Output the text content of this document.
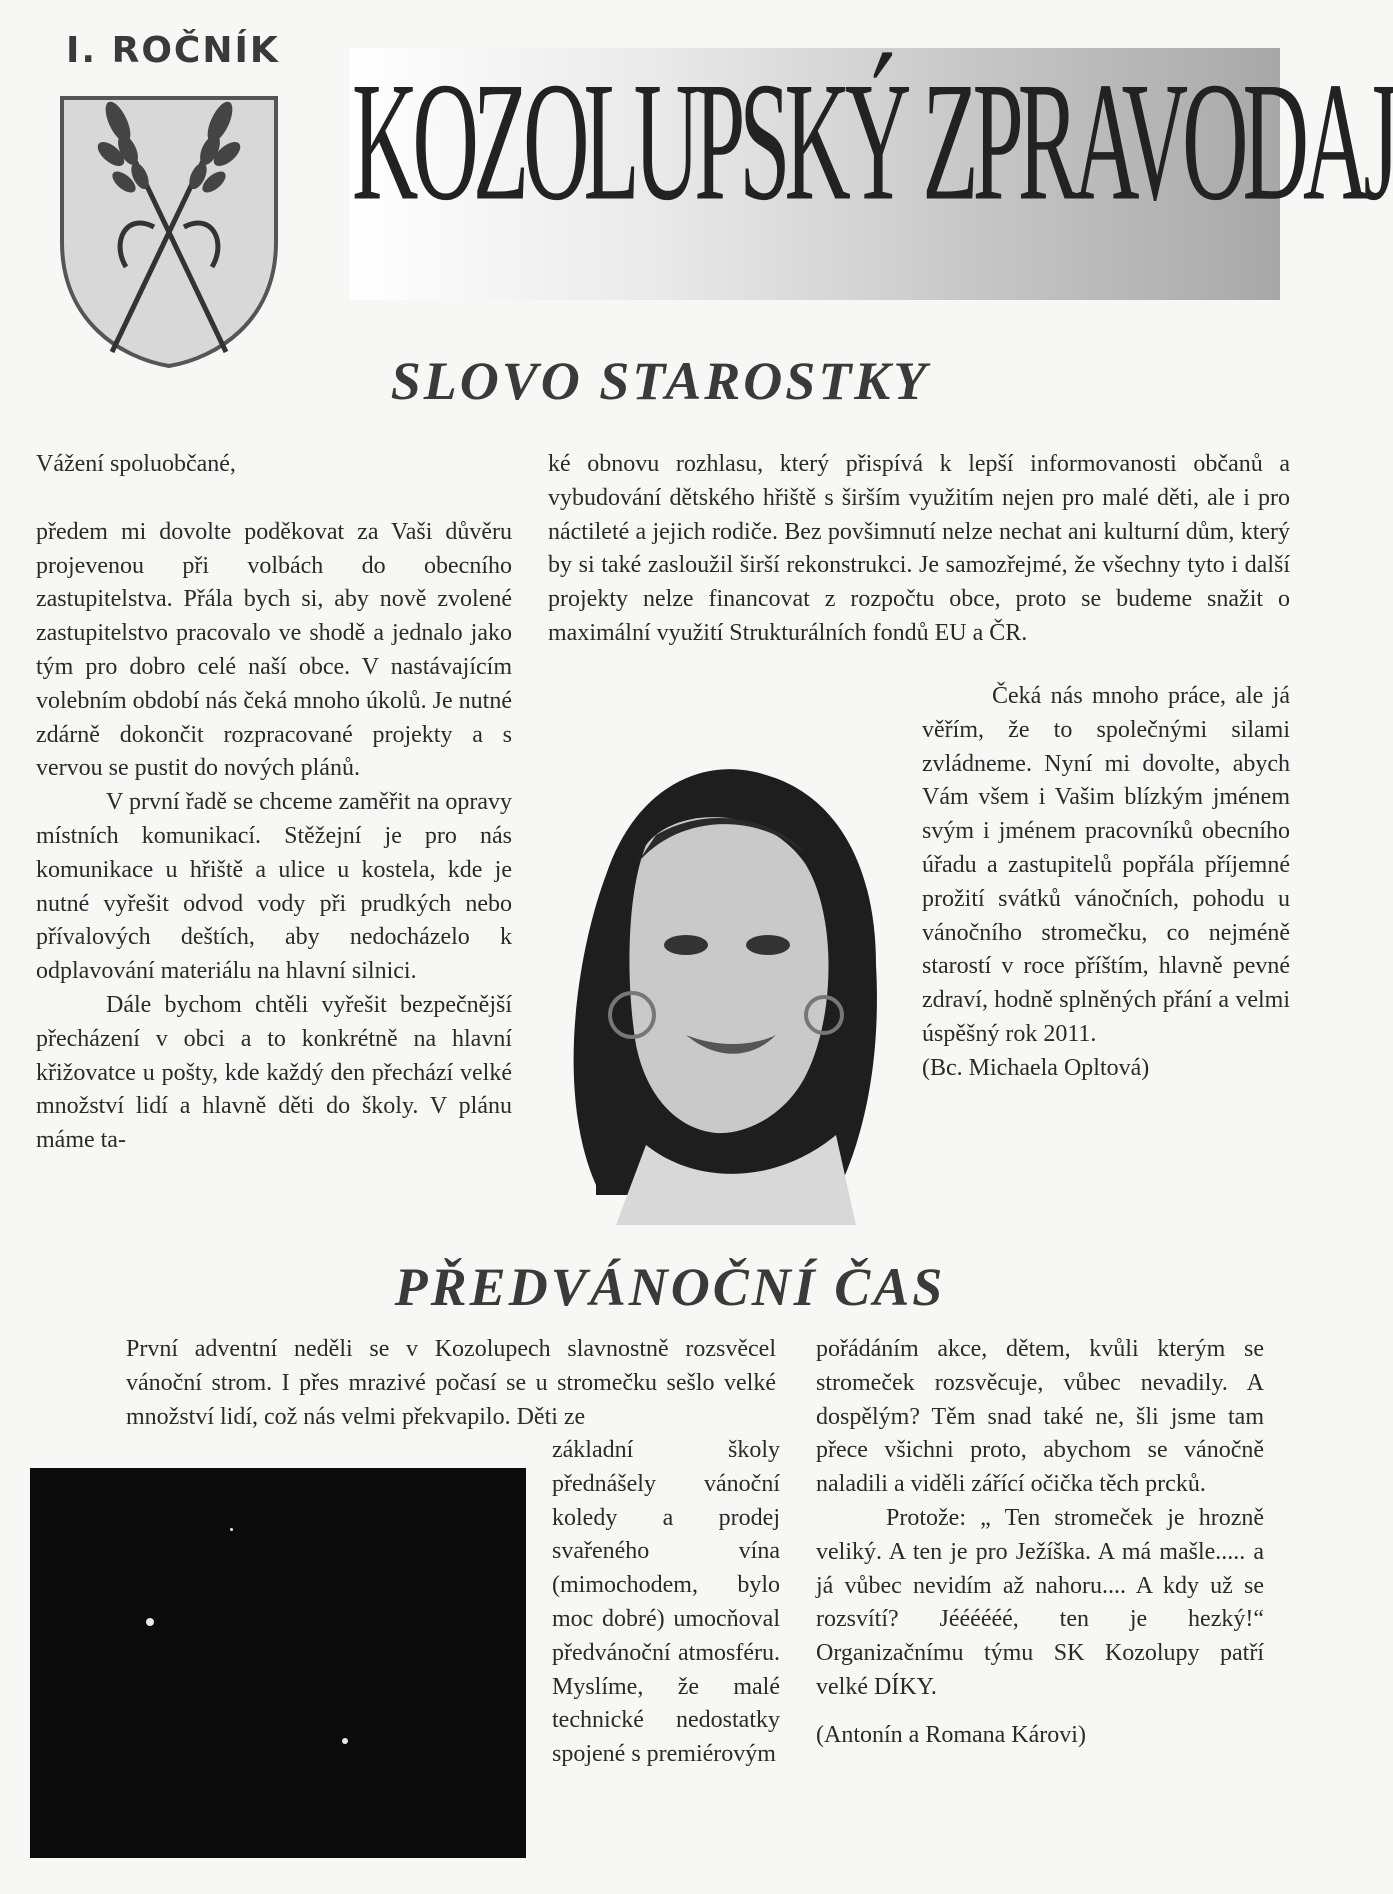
I. ROČNÍK KOZOLUPSKÝ ZPRAVODAJ
SLOVO STAROSTKY

Vážení spoluobčané,

předem mi dovolte poděkovat za Vaši důvěru projevenou při volbách do obecního zastupitelstva. Přála bych si, aby nově zvolené zastupitelstvo pracovalo ve shodě a jednalo jako tým pro dobro celé naší obce. V nastávajícím volebním období nás čeká mnoho úkolů. Je nutné zdárně dokončit rozpracované projekty a s vervou se pustit do nových plánů.

V první řadě se chceme zaměřit na opravy místních komunikací. Stěžejní je pro nás komunikace u hřiště a ulice u kostela, kde je nutné vyřešit odvod vody při prudkých nebo přívalových deštích, aby nedocházelo k odplavování materiálu na hlavní silnici.

Dále bychom chtěli vyřešit bezpečnější přecházení v obci a to konkrétně na hlavní křižovatce u pošty, kde každý den přechází velké množství lidí a hlavně děti do školy. V plánu máme ta-

ké obnovu rozhlasu, který přispívá k lepší informovanosti občanů a vybudování dětského hřiště s širším využitím nejen pro malé děti, ale i pro náctileté a jejich rodiče. Bez povšimnutí nelze nechat ani kulturní dům, který by si také zasloužil širší rekonstrukci. Je samozřejmé, že všechny tyto i další projekty nelze financovat z rozpočtu obce, proto se budeme snažit o maximální využití Strukturálních fondů EU a ČR.

Čeká nás mnoho práce, ale já věřím, že to společnými silami zvládneme. Nyní mi dovolte, abych Vám všem i Vašim blízkým jménem svým i jménem pracovníků obecního úřadu a zastupitelů popřála příjemné prožití svátků vánočních, pohodu u vánočního stromečku, co nejméně starostí v roce příštím, hlavně pevné zdraví, hodně splněných přání a velmi úspěšný rok 2011.

(Bc. Michaela Opltová)

PŘEDVÁNOČNÍ ČAS

První adventní neděli se v Kozolupech slavnostně rozsvěcel vánoční strom. I přes mrazivé počasí se u stromečku sešlo velké množství lidí, což nás velmi překvapilo. Děti ze

základní školy přednášely vánoční koledy a prodej svařeného vína (mimochodem, bylo moc dobré) umocňoval předvánoční atmosféru. Myslíme, že malé technické nedostatky spojené s premiérovým

pořádáním akce, dětem, kvůli kterým se stromeček rozsvěcuje, vůbec nevadily. A dospělým? Těm snad také ne, šli jsme tam přece všichni proto, abychom se vánočně naladili a viděli zářící očička těch prcků.

Protože: „ Ten stromeček je hrozně veliký. A ten je pro Ježíška. A má mašle..... a já vůbec nevidím až nahoru.... A kdy už se rozsvítí? Jéééééé, ten je hezký!“ Organizačnímu týmu SK Kozolupy patří velké DÍKY.

(Antonín a Romana Károvi)
